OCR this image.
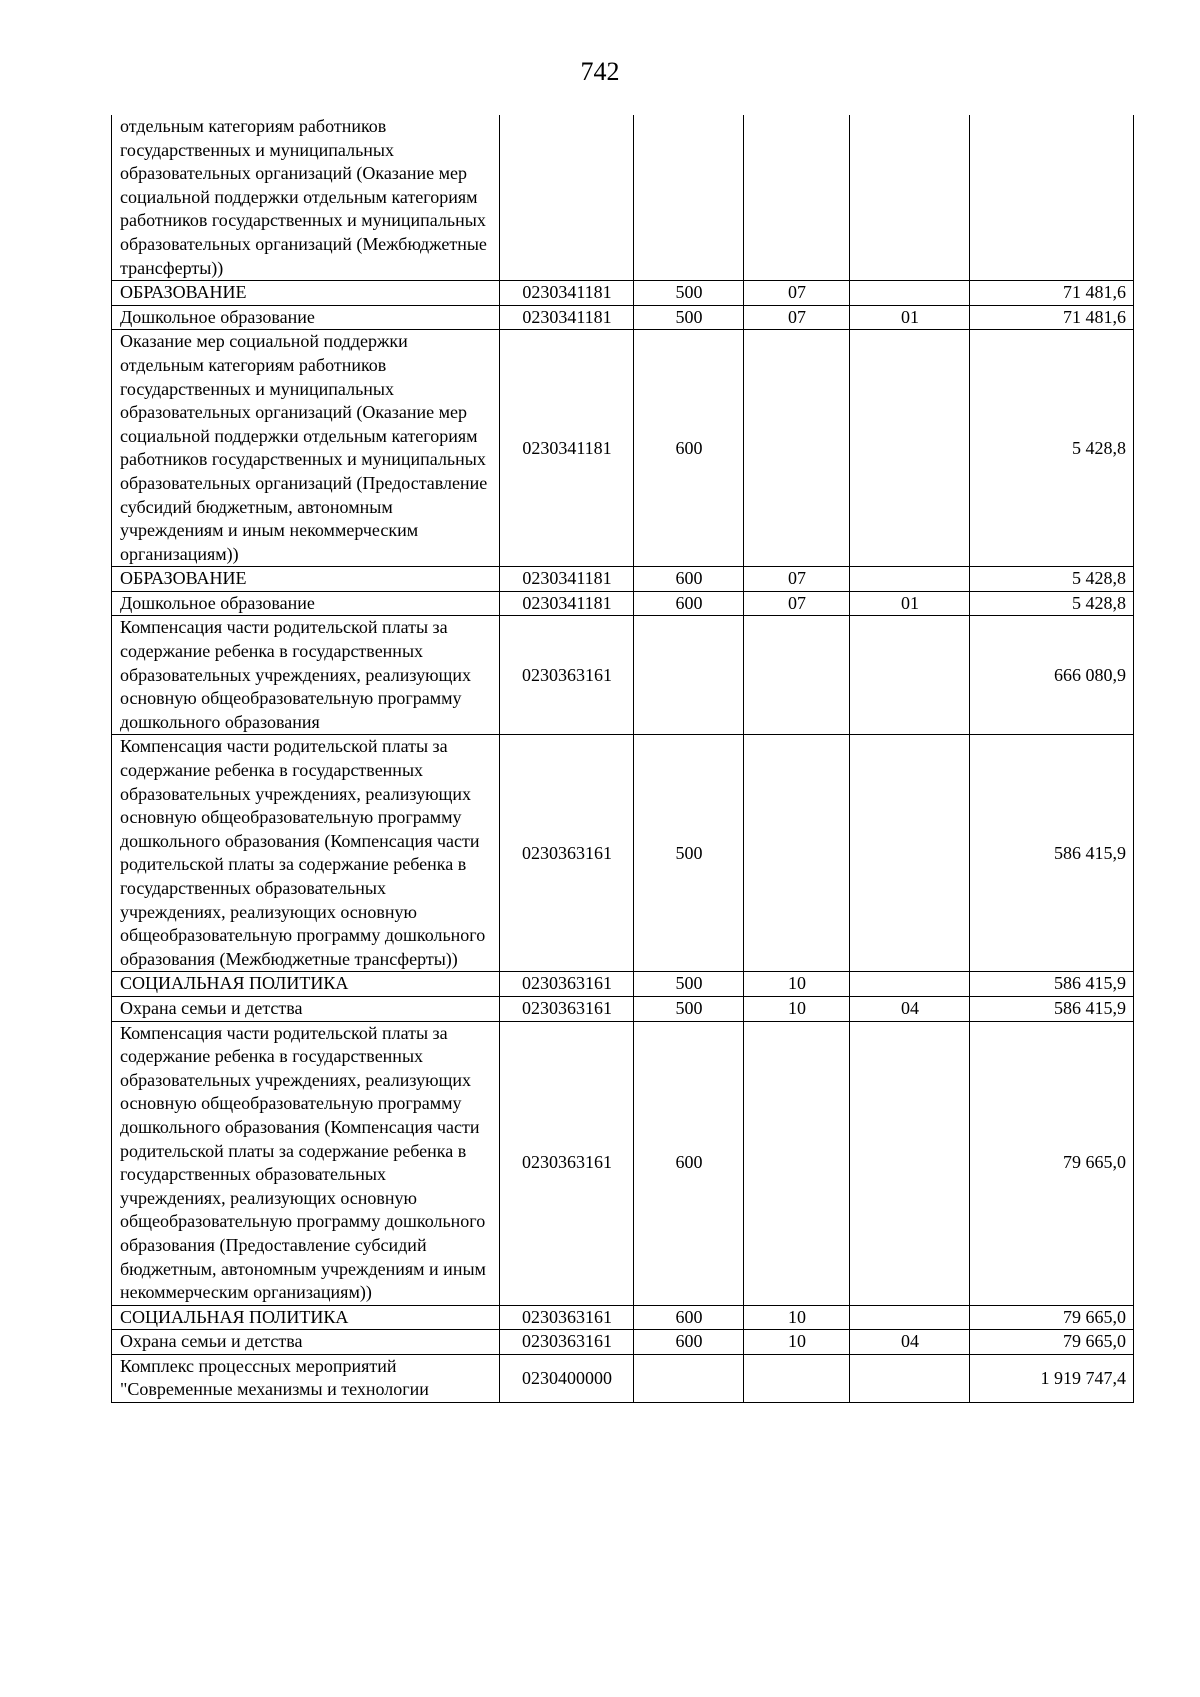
742
отдельным категориям работников государственных и муниципальных образовательных организаций (Оказание мер социальной поддержки отдельным категориям работников государственных и муниципальных образовательных организаций (Межбюджетные трансферты))					
ОБРАЗОВАНИЕ	0230341181	500	07		71 481,6
Дошкольное образование	0230341181	500	07	01	71 481,6
Оказание мер социальной поддержки отдельным категориям работников государственных и муниципальных образовательных организаций (Оказание мер социальной поддержки отдельным категориям работников государственных и муниципальных образовательных организаций (Предоставление субсидий бюджетным, автономным учреждениям и иным некоммерческим организациям))	0230341181	600			5 428,8
ОБРАЗОВАНИЕ	0230341181	600	07		5 428,8
Дошкольное образование	0230341181	600	07	01	5 428,8
Компенсация части родительской платы за содержание ребенка в государственных образовательных учреждениях, реализующих основную общеобразовательную программу дошкольного образования	0230363161				666 080,9
Компенсация части родительской платы за содержание ребенка в государственных образовательных учреждениях, реализующих основную общеобразовательную программу дошкольного образования (Компенсация части родительской платы за содержание ребенка в государственных образовательных учреждениях, реализующих основную общеобразовательную программу дошкольного образования (Межбюджетные трансферты))	0230363161	500			586 415,9
СОЦИАЛЬНАЯ ПОЛИТИКА	0230363161	500	10		586 415,9
Охрана семьи и детства	0230363161	500	10	04	586 415,9
Компенсация части родительской платы за содержание ребенка в государственных образовательных учреждениях, реализующих основную общеобразовательную программу дошкольного образования (Компенсация части родительской платы за содержание ребенка в государственных образовательных учреждениях, реализующих основную общеобразовательную программу дошкольного образования (Предоставление субсидий бюджетным, автономным учреждениям и иным некоммерческим организациям))	0230363161	600			79 665,0
СОЦИАЛЬНАЯ ПОЛИТИКА	0230363161	600	10		79 665,0
Охрана семьи и детства	0230363161	600	10	04	79 665,0
Комплекс процессных мероприятий "Современные механизмы и технологии	0230400000				1 919 747,4
